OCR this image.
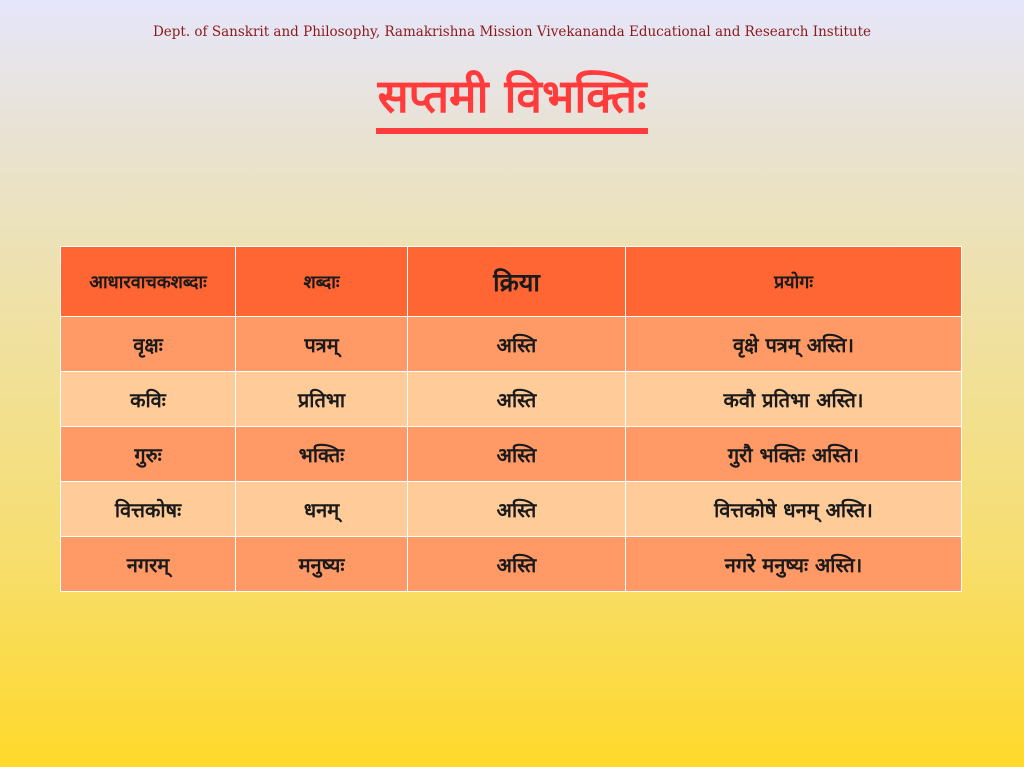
Dept. of Sanskrit and Philosophy, Ramakrishna Mission Vivekananda Educational and Research Institute
सप्तमी विभक्तिः
आधारवाचकशब्दाः	शब्दाः	क्रिया	प्रयोगः
वृक्षः	पत्रम्	अस्ति	वृक्षे पत्रम् अस्ति।
कविः	प्रतिभा	अस्ति	कवौ प्रतिभा अस्ति।
गुरुः	भक्तिः	अस्ति	गुरौ भक्तिः अस्ति।
वित्तकोषः	धनम्	अस्ति	वित्तकोषे धनम् अस्ति।
नगरम्	मनुष्यः	अस्ति	नगरे मनुष्यः अस्ति।
